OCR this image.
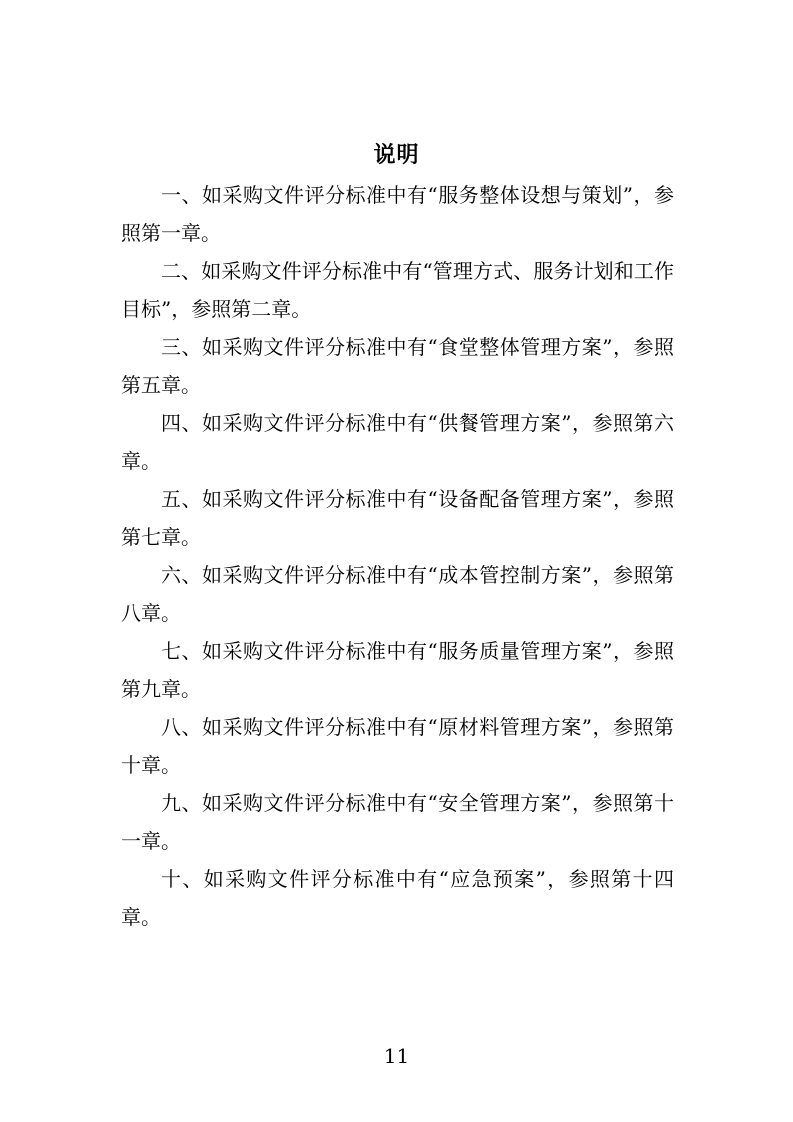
说明

一、如采购文件评分标准中有“服务整体设想与策划”，参照第一章。

二、如采购文件评分标准中有“管理方式、服务计划和工作目标”，参照第二章。

三、如采购文件评分标准中有“食堂整体管理方案”，参照第五章。

四、如采购文件评分标准中有“供餐管理方案”，参照第六章。

五、如采购文件评分标准中有“设备配备管理方案”，参照第七章。

六、如采购文件评分标准中有“成本管控制方案”，参照第八章。

七、如采购文件评分标准中有“服务质量管理方案”，参照第九章。

八、如采购文件评分标准中有“原材料管理方案”，参照第十章。

九、如采购文件评分标准中有“安全管理方案”，参照第十一章。

十、如采购文件评分标准中有“应急预案”，参照第十四章。

11
